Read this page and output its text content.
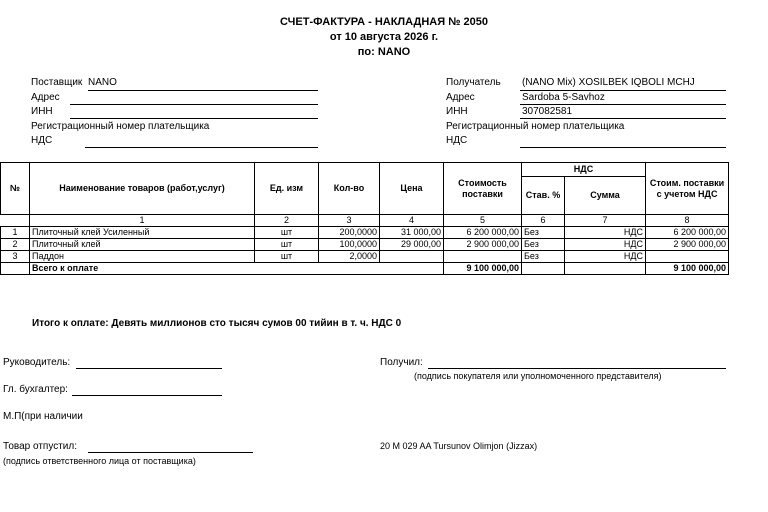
СЧЕТ-ФАКТУРА - НАКЛАДНАЯ № 2050
от 10 августа 2026 г.
по: NANO
Поставщик NANO
Адрес
ИНН
Регистрационный номер плательщика
НДС
Получатель (NANO Mix) XOSILBEK IQBOLI MCHJ
Адрес	Sardoba 5-Savhoz
ИНН	307082581
Регистрационный номер плательщика
НДС
№	Наименование товаров (работ,услуг)	Ед. изм	Кол-во	Цена	Стоимость поставки	НДС		Стоим. поставки с учетом НДС
						Став. %	Сумма	
	1	2	3	4	5	6	7	8
1	Плиточный клей Усиленный	шт	200,0000	31 000,00	6 200 000,00	Без	НДС	6 200 000,00
2	Плиточный клей	шт	100,0000	29 000,00	2 900 000,00	Без	НДС	2 900 000,00
3	Паддон	шт	2,0000			Без	НДС	
	Всего к оплате				9 100 000,00			9 100 000,00
Итого к оплате: Девять миллионов сто тысяч сумов 00 тийин в т. ч. НДС 0
Руководитель:
Гл. бухгалтер:
М.П(при наличии
Товар отпустил:
(подпись ответственного лица от поставщика)
Получил:
(подпись покупателя или уполномоченного представителя)
20 M 029 AA Tursunov Olimjon (Jizzax)
